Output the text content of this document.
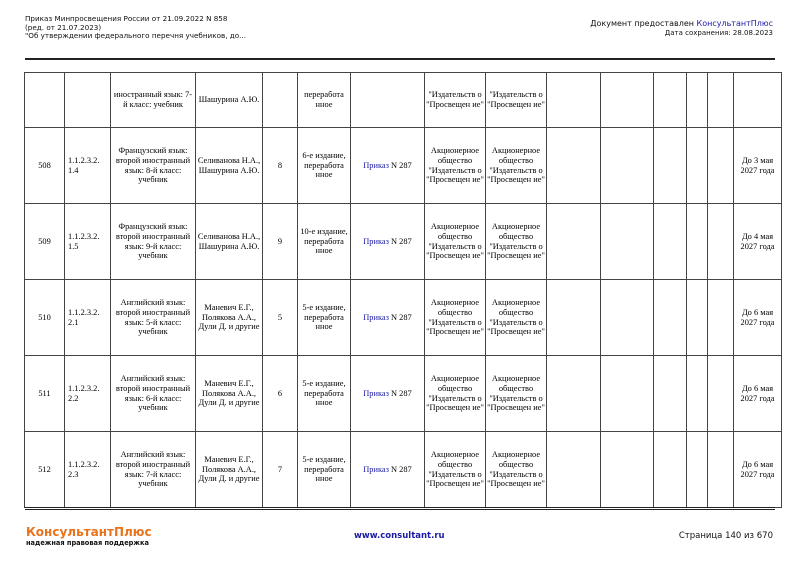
Приказ Минпросвещения России от 21.09.2022 N 858
(ред. от 21.07.2023)
"Об утверждении федерального перечня учебников, до...
Документ предоставлен КонсультантПлюс
Дата сохранения: 28.08.2023
		иностранный язык: 7-й класс: учебник	Шашурина А.Ю.		переработа нное		"Издательств о "Просвещен ие"	"Издательств о "Просвещен ие"						
508	1.1.2.3.2. 1.4	Французский язык: второй иностранный язык: 8-й класс: учебник	Селиванова Н.А., Шашурина А.Ю.	8	6-е издание, переработа нное	Приказ N 287	Акционерное общество "Издательств о "Просвещен ие"	Акционерное общество "Издательств о "Просвещен ие"						До 3 мая 2027 года
509	1.1.2.3.2. 1.5	Французский язык: второй иностранный язык: 9-й класс: учебник	Селиванова Н.А., Шашурина А.Ю.	9	10-е издание, переработа нное	Приказ N 287	Акционерное общество "Издательств о "Просвещен ие"	Акционерное общество "Издательств о "Просвещен ие"						До 4 мая 2027 года
510	1.1.2.3.2. 2.1	Английский язык: второй иностранный язык: 5-й класс: учебник	Маневич Е.Г., Полякова А.А., Дули Д. и другие	5	5-е издание, переработа нное	Приказ N 287	Акционерное общество "Издательств о "Просвещен ие"	Акционерное общество "Издательств о "Просвещен ие"						До 6 мая 2027 года
511	1.1.2.3.2. 2.2	Английский язык: второй иностранный язык: 6-й класс: учебник	Маневич Е.Г., Полякова А.А., Дули Д. и другие	6	5-е издание, переработа нное	Приказ N 287	Акционерное общество "Издательств о "Просвещен ие"	Акционерное общество "Издательств о "Просвещен ие"						До 6 мая 2027 года
512	1.1.2.3.2. 2.3	Английский язык: второй иностранный язык: 7-й класс: учебник	Маневич Е.Г., Полякова А.А., Дули Д. и другие	7	5-е издание, переработа нное	Приказ N 287	Акционерное общество "Издательств о "Просвещен ие"	Акционерное общество "Издательств о "Просвещен ие"						До 6 мая 2027 года
КонсультантПлюс
надежная правовая поддержка
www.consultant.ru	Страница 140 из 670
